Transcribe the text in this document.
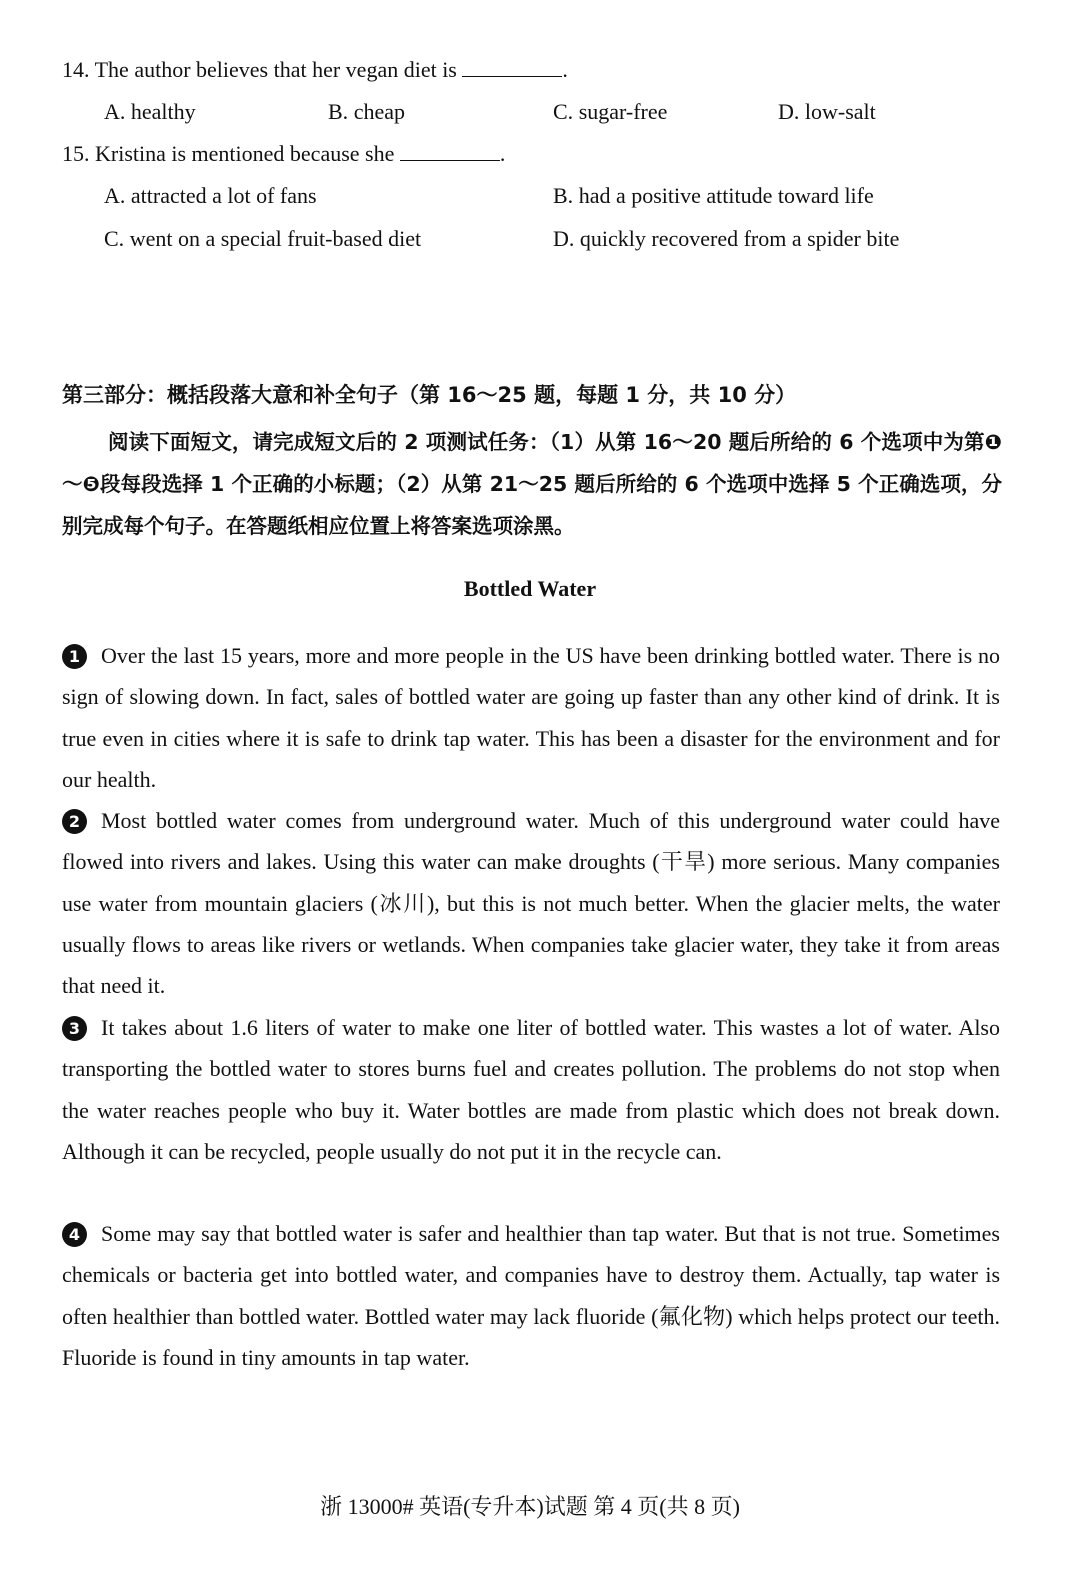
14. The author believes that her vegan diet is	.
A. healthy	B. cheap	C. sugar-free	D. low-salt
15. Kristina is mentioned because she	.
A. attracted a lot of fans	B. had a positive attitude toward life
C. went on a special fruit-based diet	D. quickly recovered from a spider bite
第三部分：概括段落大意和补全句子（第 16～25 题，每题 1 分，共 10 分）
阅读下面短文，请完成短文后的 2 项测试任务：（1）从第 16～20 题后所给的 6 个选项中为第❶～❺段每段选择 1 个正确的小标题；（2）从第 21～25 题后所给的 6 个选项中选择 5 个正确选项，分别完成每个句子。在答题纸相应位置上将答案选项涂黑。
Bottled Water
1 Over the last 15 years, more and more people in the US have been drinking bottled water. There is no sign of slowing down. In fact, sales of bottled water are going up faster than any other kind of drink. It is true even in cities where it is safe to drink tap water. This has been a disaster for the environment and for our health.
2 Most bottled water comes from underground water. Much of this underground water could have flowed into rivers and lakes. Using this water can make droughts (干旱) more serious. Many companies use water from mountain glaciers (冰川), but this is not much better. When the glacier melts, the water usually flows to areas like rivers or wetlands. When companies take glacier water, they take it from areas that need it.
3 It takes about 1.6 liters of water to make one liter of bottled water. This wastes a lot of water. Also transporting the bottled water to stores burns fuel and creates pollution. The problems do not stop when the water reaches people who buy it. Water bottles are made from plastic which does not break down. Although it can be recycled, people usually do not put it in the recycle can.
4 Some may say that bottled water is safer and healthier than tap water. But that is not true. Sometimes chemicals or bacteria get into bottled water, and companies have to destroy them. Actually, tap water is often healthier than bottled water. Bottled water may lack fluoride (氟化物) which helps protect our teeth. Fluoride is found in tiny amounts in tap water.
浙 13000# 英语(专升本)试题 第 4 页(共 8 页)
